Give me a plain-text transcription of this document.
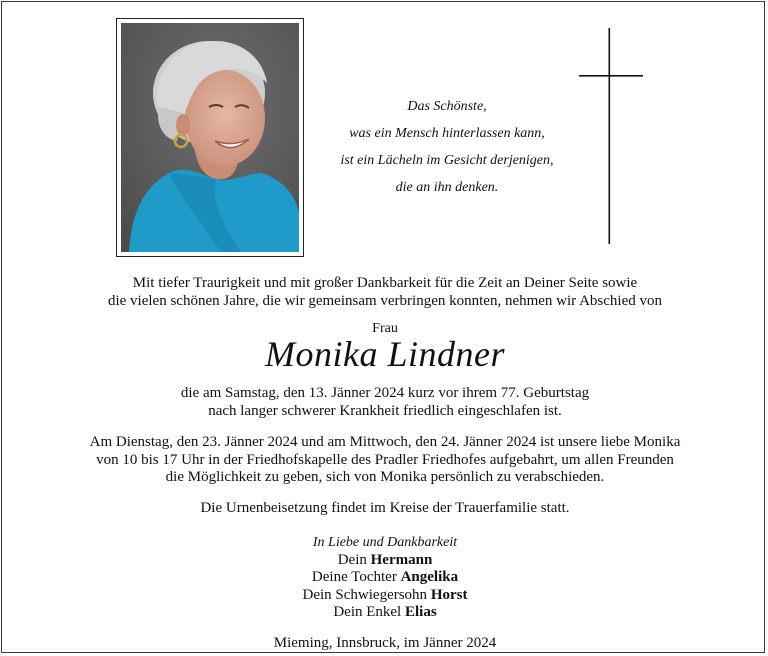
Das Schönste,
was ein Mensch hinterlassen kann,
ist ein Lächeln im Gesicht derjenigen,
die an ihn denken.
Mit tiefer Traurigkeit und mit großer Dankbarkeit für die Zeit an Deiner Seite sowie
die vielen schönen Jahre, die wir gemeinsam verbringen konnten, nehmen wir Abschied von
Frau
Monika Lindner
die am Samstag, den 13. Jänner 2024 kurz vor ihrem 77. Geburtstag
nach langer schwerer Krankheit friedlich eingeschlafen ist.
Am Dienstag, den 23. Jänner 2024 und am Mittwoch, den 24. Jänner 2024 ist unsere liebe Monika
von 10 bis 17 Uhr in der Friedhofskapelle des Pradler Friedhofes aufgebahrt, um allen Freunden
die Möglichkeit zu geben, sich von Monika persönlich zu verabschieden.
Die Urnenbeisetzung findet im Kreise der Trauerfamilie statt.
In Liebe und Dankbarkeit
Dein Hermann
Deine Tochter Angelika
Dein Schwiegersohn Horst
Dein Enkel Elias
Mieming, Innsbruck, im Jänner 2024
